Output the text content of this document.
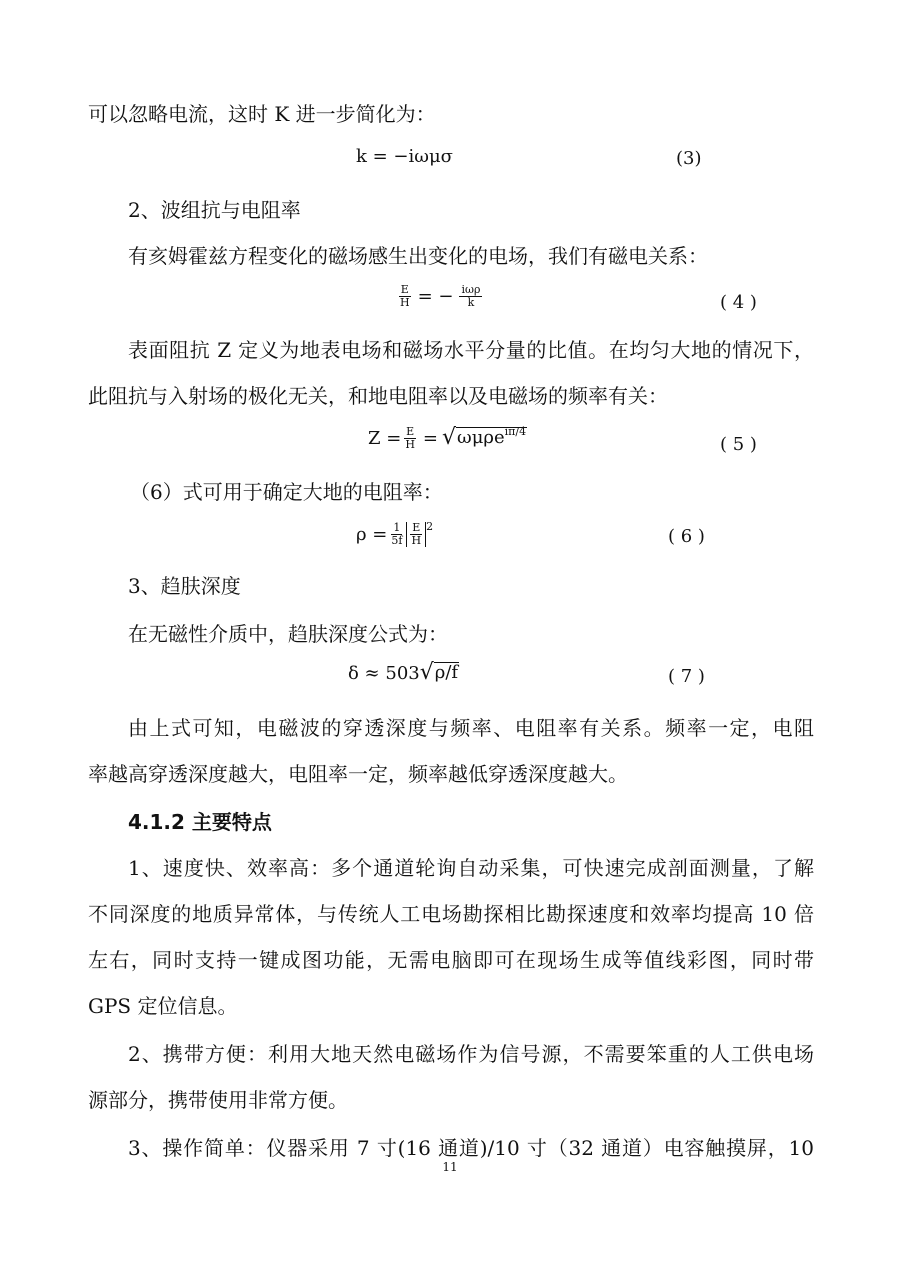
可以忽略电流，这时 K 进一步简化为：
k = −iωμσ	(3)
2、波组抗与电阻率
有亥姆霍兹方程变化的磁场感生出变化的电场，我们有磁电关系：
$\frac{E}{H}$ = − $\frac{\text{iωρ}}{k}$	( 4 )
表面阻抗 Z 定义为地表电场和磁场水平分量的比值。在均匀大地的情况下，
此阻抗与入射场的极化无关，和地电阻率以及电磁场的频率有关：
$Z = \frac{E}{H}$ = √ ωμρe$^{i\pi/4}$
( 5 )
（6）式可用于确定大地的电阻率：
$\rho = \frac{1}{5f} \frac{E}{H} 2$	( 6 )
3、趋肤深度
在无磁性介质中，趋肤深度公式为：
δ ≈ 503 √ ρ/f	( 7 )
由上式可知，电磁波的穿透深度与频率、电阻率有关系。频率一定，电阻
率越高穿透深度越大，电阻率一定，频率越低穿透深度越大。
4.1.2 主要特点
1、速度快、效率高：多个通道轮询自动采集，可快速完成剖面测量，了解
不同深度的地质异常体，与传统人工电场勘探相比勘探速度和效率均提高 10 倍
左右，同时支持一键成图功能，无需电脑即可在现场生成等值线彩图，同时带
GPS 定位信息。
2、携带方便：利用大地天然电磁场作为信号源，不需要笨重的人工供电场
源部分，携带使用非常方便。
3、操作简单：仪器采用 7 寸(16 通道)/10 寸（32 通道）电容触摸屏，10
11
